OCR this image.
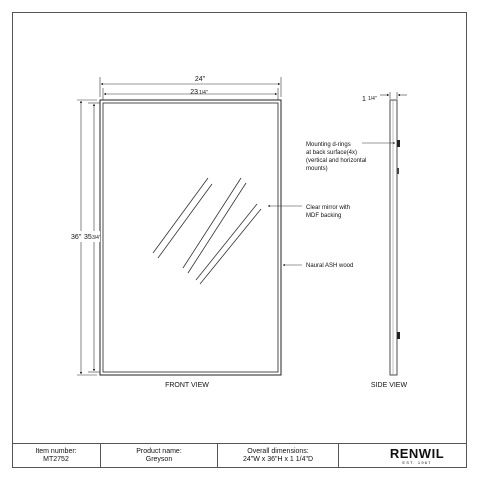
24"
23 1/4"
36" 35 3/4"
FRONT VIEW
1 1/4"
SIDE VIEW
Mounting d-rings at back surface(4x) (vertical and horizontal mounts)
Clear mirror with MDF backing
Naural ASH wood
Item number:
MT2752
Product name:
Greyson
Overall dimensions:
24"W x 36"H x 1 1/4"D	RENWIL
EST. 1967
